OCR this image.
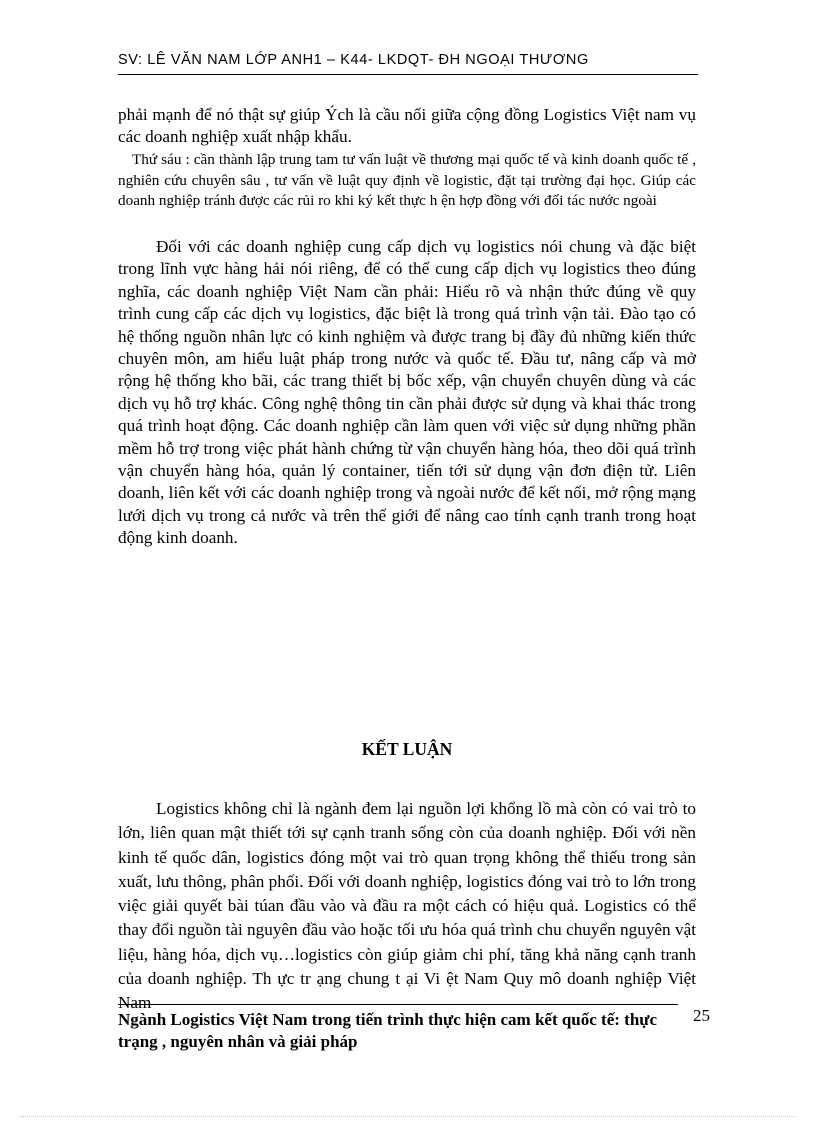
SV: LÊ VĂN NAM LỚP ANH1 – K44- LKDQT- ĐH NGOẠI THƯƠNG

phải mạnh để nó thật sự giúp Ých là cầu nối giữa cộng đồng Logistics Việt nam vụ các doanh nghiệp xuất nhập khẩu.

Thứ sáu : cần thành lập trung tam tư vấn luật về thương mại quốc tế và kinh doanh quốc tế , nghiên cứu chuyên sâu , tư vấn về luật quy định về logistic, đặt tại trường đại học. Giúp các doanh nghiệp tránh được các rủi ro khi ký kết thực h ện hợp đồng với đối tác nước ngoài

Đối với các doanh nghiệp cung cấp dịch vụ logistics nói chung và đặc biệt trong lĩnh vực hàng hải nói riêng, để có thể cung cấp dịch vụ logistics theo đúng nghĩa, các doanh nghiệp Việt Nam cần phải: Hiểu rõ và nhận thức đúng về quy trình cung cấp các dịch vụ logistics, đặc biệt là trong quá trình vận tải. Đào tạo có hệ thống nguồn nhân lực có kinh nghiệm và được trang bị đầy đủ những kiến thức chuyên môn, am hiểu luật pháp trong nước và quốc tế. Đầu tư, nâng cấp và mở rộng hệ thống kho bãi, các trang thiết bị bốc xếp, vận chuyển chuyên dùng và các dịch vụ hỗ trợ khác. Công nghệ thông tin cần phải được sử dụng và khai thác trong quá trình hoạt động. Các doanh nghiệp cần làm quen với việc sử dụng những phần mềm hỗ trợ trong việc phát hành chứng từ vận chuyển hàng hóa, theo dõi quá trình vận chuyển hàng hóa, quản lý container, tiến tới sử dụng vận đơn điện tử. Liên doanh, liên kết với các doanh nghiệp trong và ngoài nước để kết nối, mở rộng mạng lưới dịch vụ trong cả nước và trên thế giới để nâng cao tính cạnh tranh trong hoạt động kinh doanh.

KẾT LUẬN

Logistics không chỉ là ngành đem lại nguồn lợi khổng lồ mà còn có vai trò to lớn, liên quan mật thiết tới sự cạnh tranh sống còn của doanh nghiệp. Đối với nền kinh tế quốc dân, logistics đóng một vai trò quan trọng không thể thiếu trong sản xuất, lưu thông, phân phối. Đối với doanh nghiệp, logistics đóng vai trò to lớn trong việc giải quyết bài túan đầu vào và đầu ra một cách có hiệu quả. Logistics có thể thay đổi nguồn tài nguyên đầu vào hoặc tối ưu hóa quá trình chu chuyển nguyên vật liệu, hàng hóa, dịch vụ…logistics còn giúp giảm chi phí, tăng khả năng cạnh tranh của doanh nghiệp. Th ực tr ạng chung t ại Vi ệt Nam Quy mô doanh nghiệp Việt Nam

Ngành Logistics Việt Nam trong tiến trình thực hiện cam kết quốc tế: thực trạng , nguyên nhân và giải pháp

25
